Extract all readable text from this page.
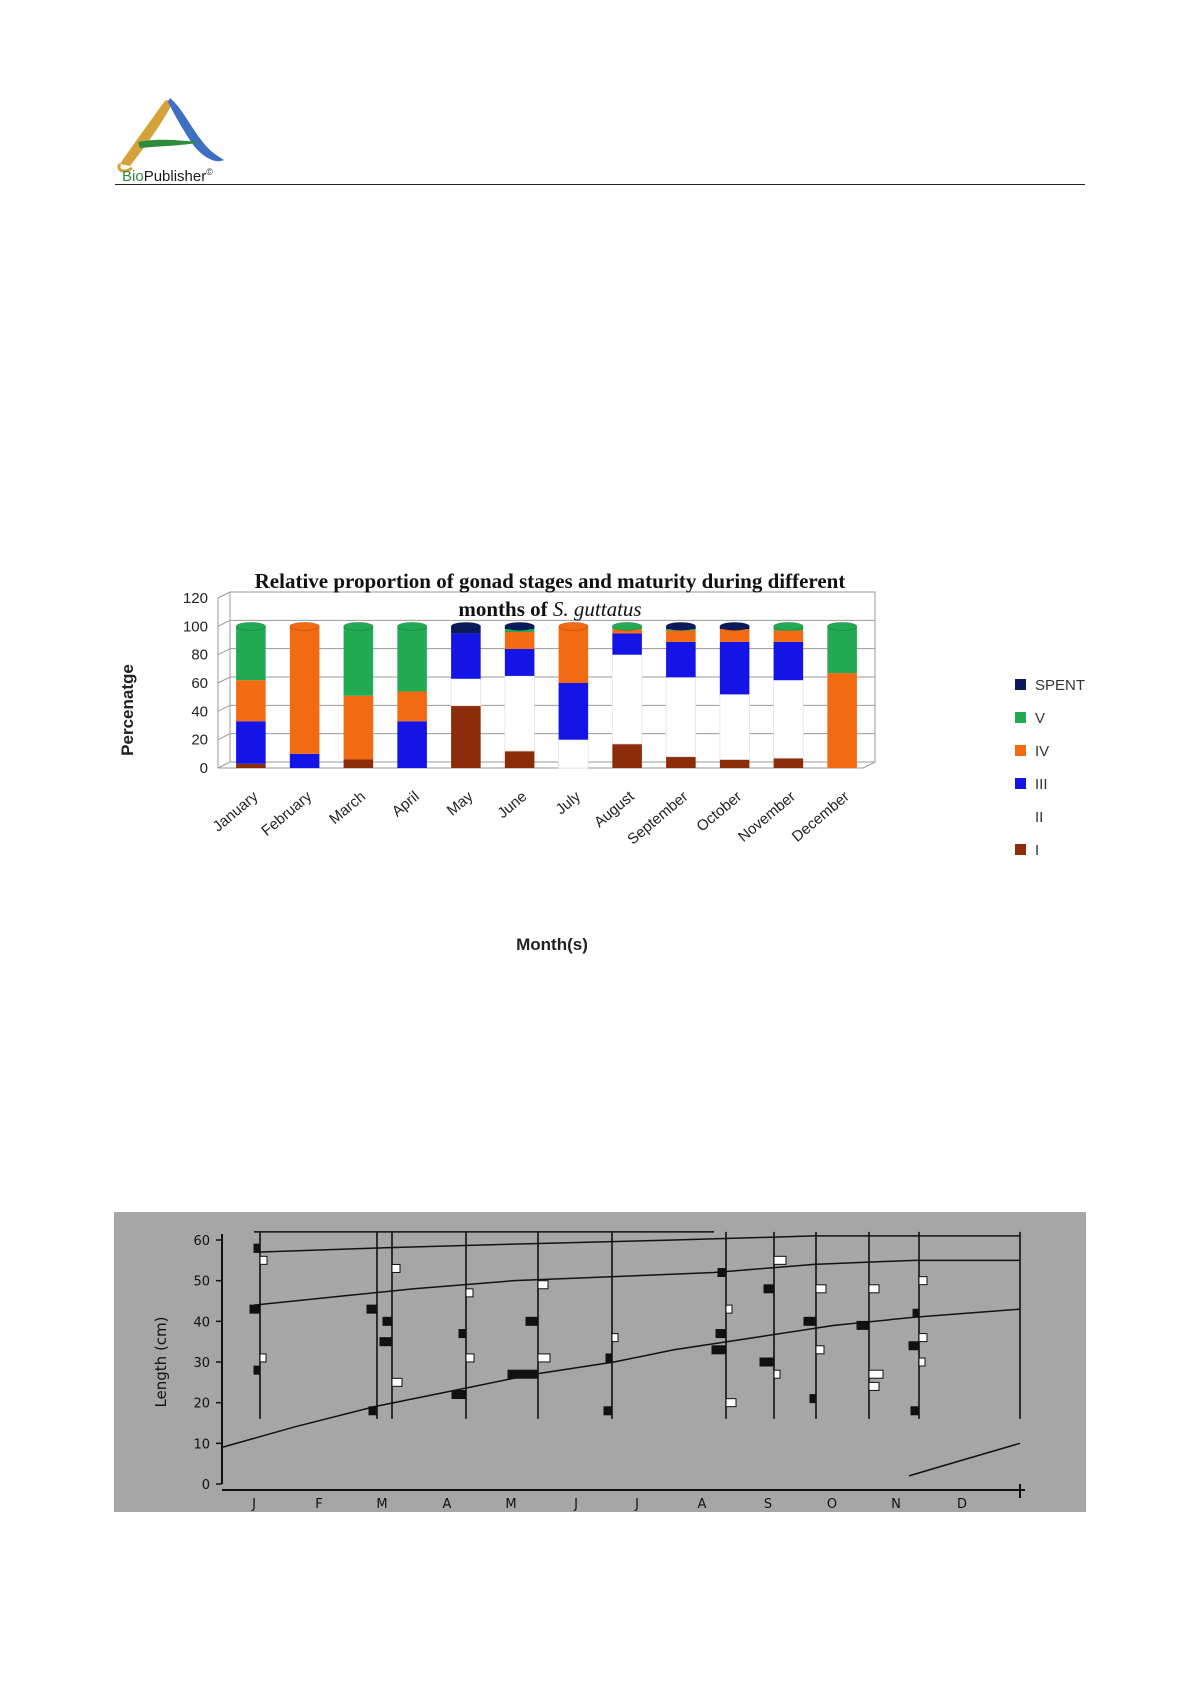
BioPublisher©
0
20
40
60
80
100
120
January
February March April May June July August
September October
November
December
Relative proportion of gonad stages and maturity during different
months of S. guttatus
Month(s)
Percenatge	SPENT
V
IV
III
II
I
0
10
20
30
40
50
60
Length (cm)
J	F	M	A	M	J	J	A	S	O	N	D
